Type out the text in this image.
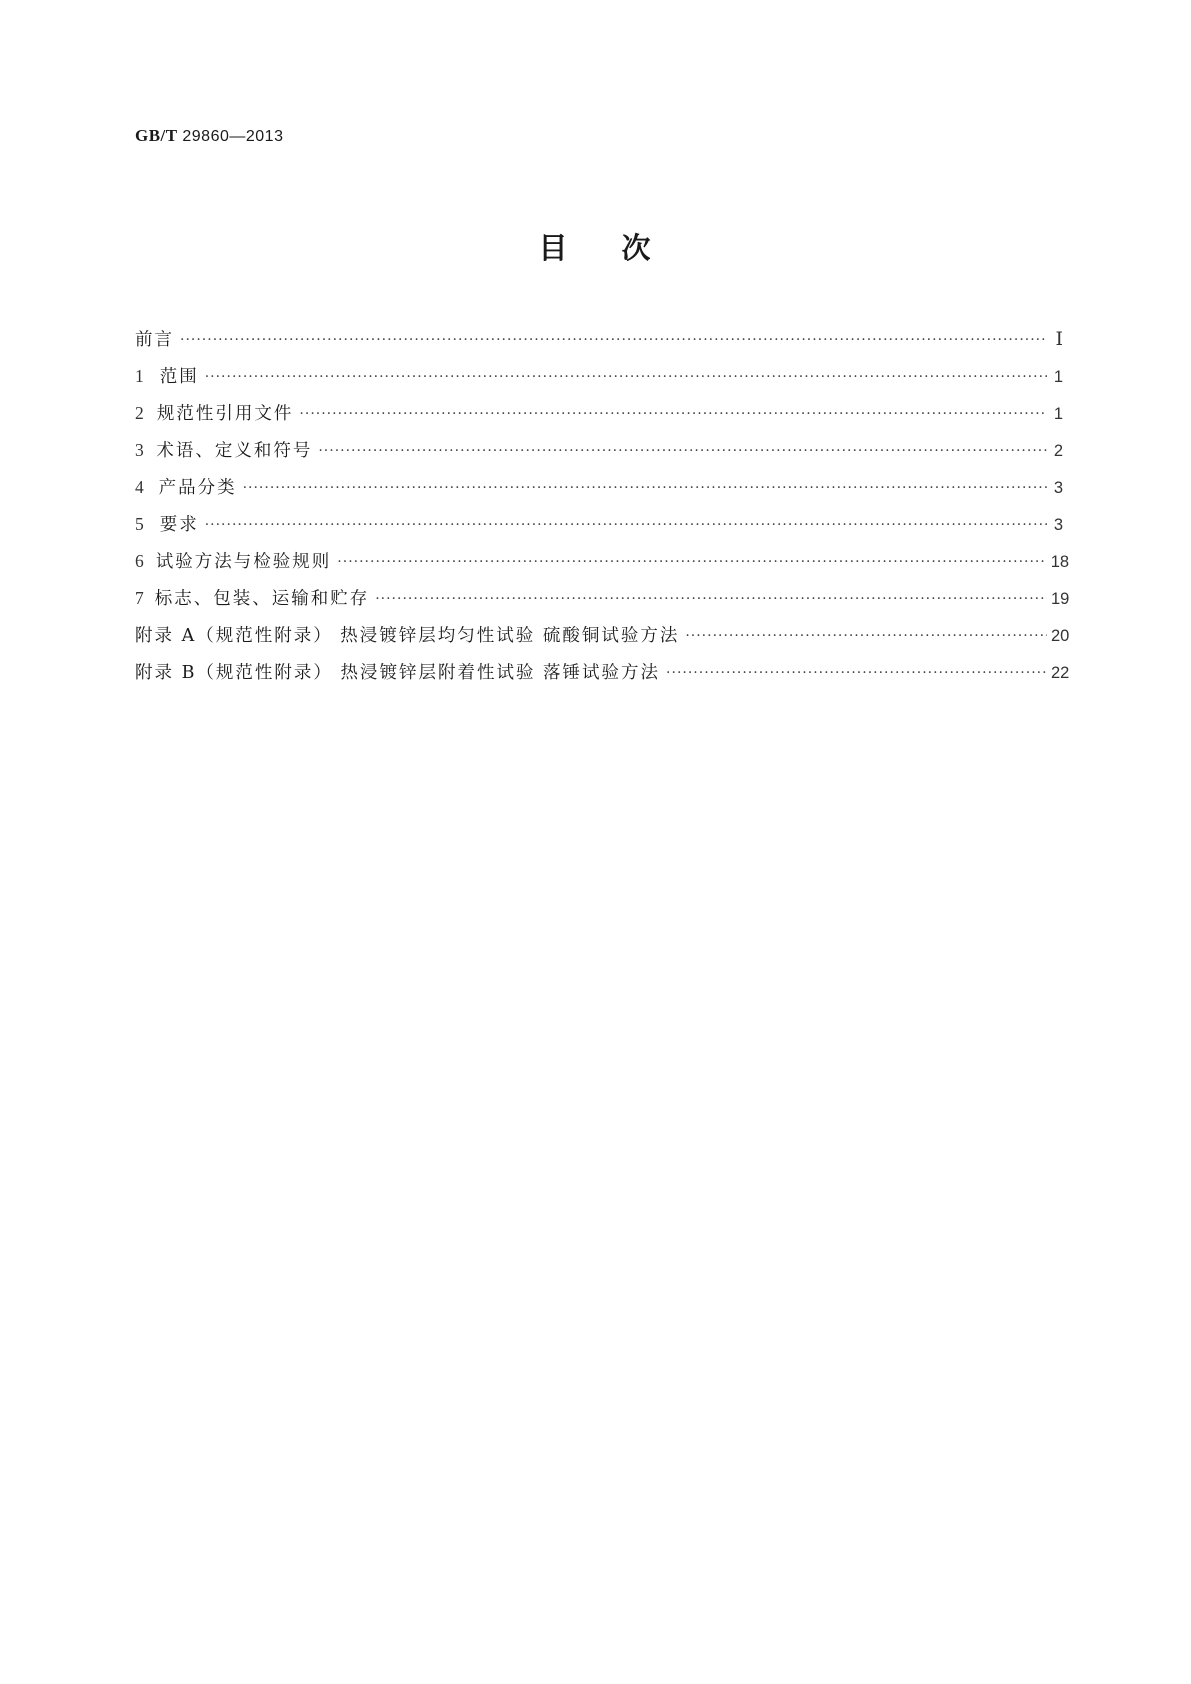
GB/T 29860—2013
目 次
前言 ·····	Ⅰ
1 范围 ·····	1
2 规范性引用文件 ·····	1
3 术语、定义和符号 ·····	2
4 产品分类 ·····	3
5 要求 ·····	3
6 试验方法与检验规则 ·····	18
7 标志、包装、运输和贮存 ·····	19
附录 A（规范性附录） 热浸镀锌层均匀性试验 硫酸铜试验方法 ·····	20
附录 B（规范性附录） 热浸镀锌层附着性试验 落锤试验方法 ·····	22
